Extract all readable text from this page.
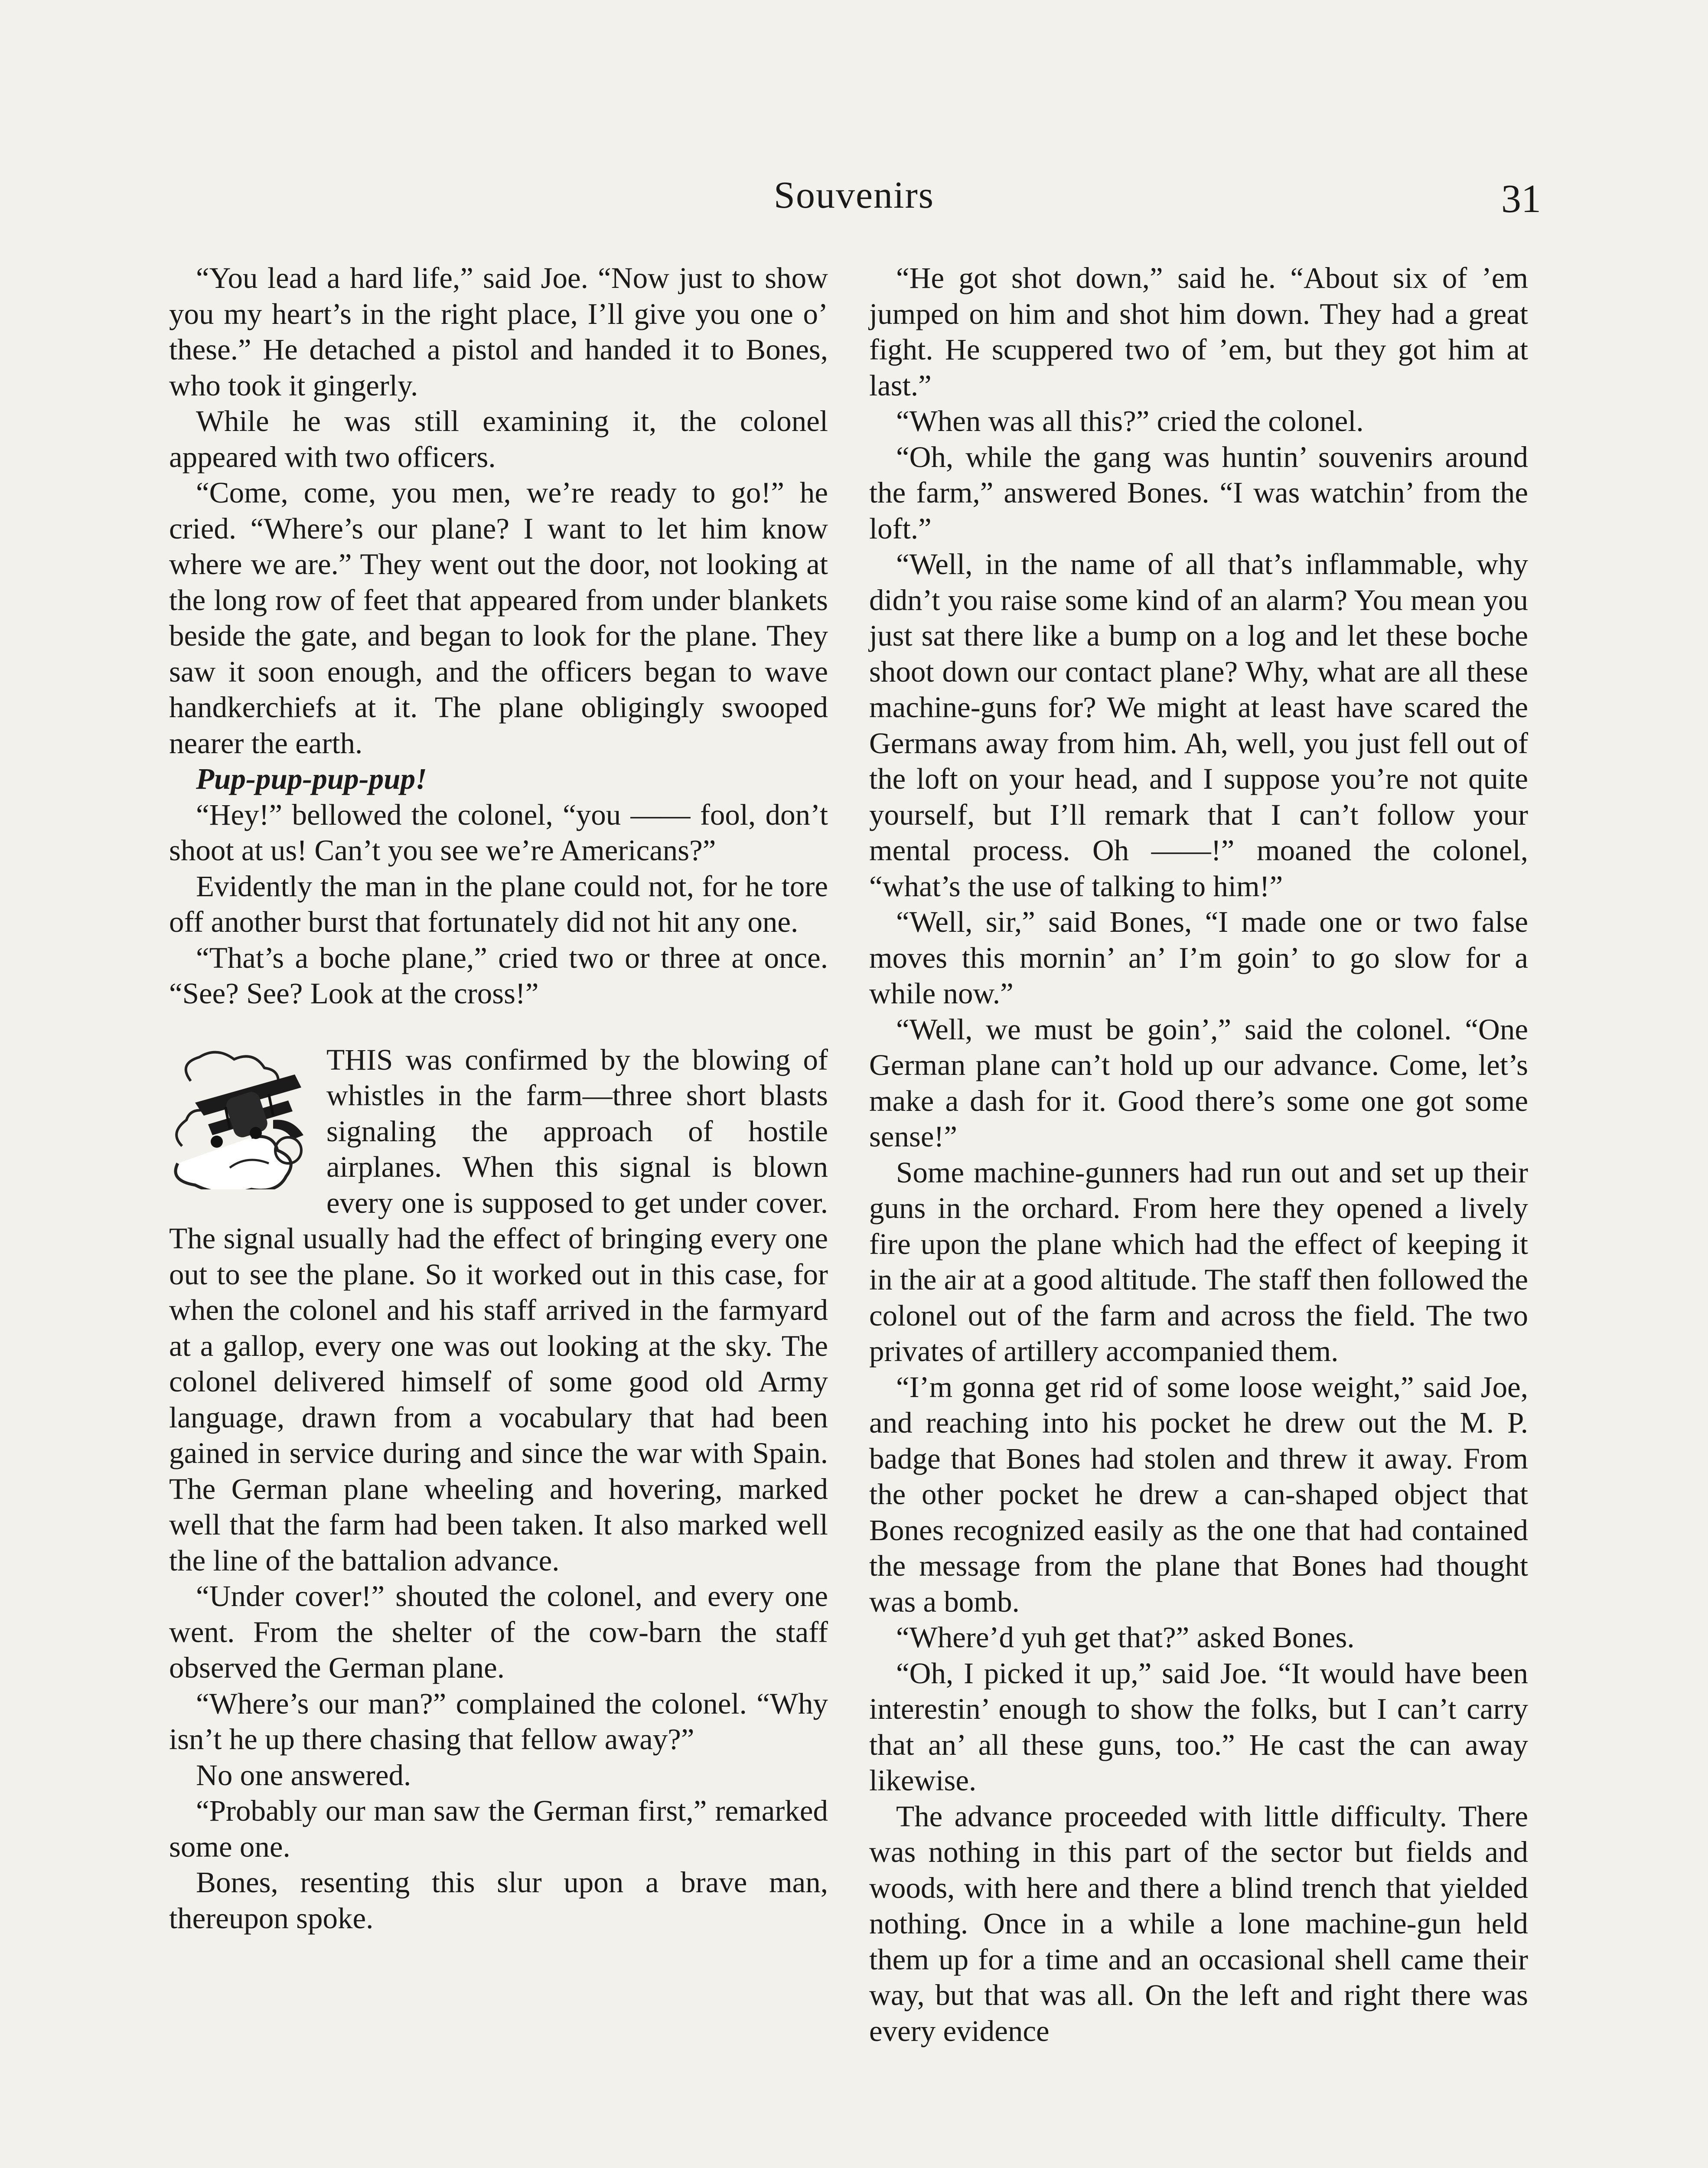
Souvenirs	31

“You lead a hard life,” said Joe. “Now just to show you my heart’s in the right place, I’ll give you one o’ these.” He detached a pistol and handed it to Bones, who took it gingerly.

While he was still examining it, the colonel appeared with two officers.

“Come, come, you men, we’re ready to go!” he cried. “Where’s our plane? I want to let him know where we are.” They went out the door, not looking at the long row of feet that appeared from under blankets beside the gate, and began to look for the plane. They saw it soon enough, and the officers began to wave handkerchiefs at it. The plane obligingly swooped nearer the earth.

Pup-pup-pup-pup!

“Hey!” bellowed the colonel, “you —— fool, don’t shoot at us! Can’t you see we’re Americans?”

Evidently the man in the plane could not, for he tore off another burst that fortunately did not hit any one.

“That’s a boche plane,” cried two or three at once. “See? See? Look at the cross!”

THIS was confirmed by the blowing of whistles in the farm—three short blasts signaling the approach of hostile airplanes. When this signal is blown every one is supposed to get under cover. The signal usually had the effect of bringing every one out to see the plane. So it worked out in this case, for when the colonel and his staff arrived in the farmyard at a gallop, every one was out looking at the sky. The colonel delivered himself of some good old Army language, drawn from a vocabulary that had been gained in service during and since the war with Spain. The German plane wheeling and hovering, marked well that the farm had been taken. It also marked well the line of the battalion advance.

“Under cover!” shouted the colonel, and every one went. From the shelter of the cow-barn the staff observed the German plane.

“Where’s our man?” complained the colonel. “Why isn’t he up there chasing that fellow away?”

No one answered.

“Probably our man saw the German first,” remarked some one.

Bones, resenting this slur upon a brave man, thereupon spoke.

“He got shot down,” said he. “About six of ’em jumped on him and shot him down. They had a great fight. He scuppered two of ’em, but they got him at last.”

“When was all this?” cried the colonel.

“Oh, while the gang was huntin’ souvenirs around the farm,” answered Bones. “I was watchin’ from the loft.”

“Well, in the name of all that’s inflammable, why didn’t you raise some kind of an alarm? You mean you just sat there like a bump on a log and let these boche shoot down our contact plane? Why, what are all these machine-guns for? We might at least have scared the Germans away from him. Ah, well, you just fell out of the loft on your head, and I suppose you’re not quite yourself, but I’ll remark that I can’t follow your mental process. Oh ——!” moaned the colonel, “what’s the use of talking to him!”

“Well, sir,” said Bones, “I made one or two false moves this mornin’ an’ I’m goin’ to go slow for a while now.”

“Well, we must be goin’,” said the colonel. “One German plane can’t hold up our advance. Come, let’s make a dash for it. Good there’s some one got some sense!”

Some machine-gunners had run out and set up their guns in the orchard. From here they opened a lively fire upon the plane which had the effect of keeping it in the air at a good altitude. The staff then followed the colonel out of the farm and across the field. The two privates of artillery accompanied them.

“I’m gonna get rid of some loose weight,” said Joe, and reaching into his pocket he drew out the M. P. badge that Bones had stolen and threw it away. From the other pocket he drew a can-shaped object that Bones recognized easily as the one that had contained the message from the plane that Bones had thought was a bomb.

“Where’d yuh get that?” asked Bones.

“Oh, I picked it up,” said Joe. “It would have been interestin’ enough to show the folks, but I can’t carry that an’ all these guns, too.” He cast the can away likewise.

The advance proceeded with little difficulty. There was nothing in this part of the sector but fields and woods, with here and there a blind trench that yielded nothing. Once in a while a lone machine-gun held them up for a time and an occasional shell came their way, but that was all. On the left and right there was every evidence
